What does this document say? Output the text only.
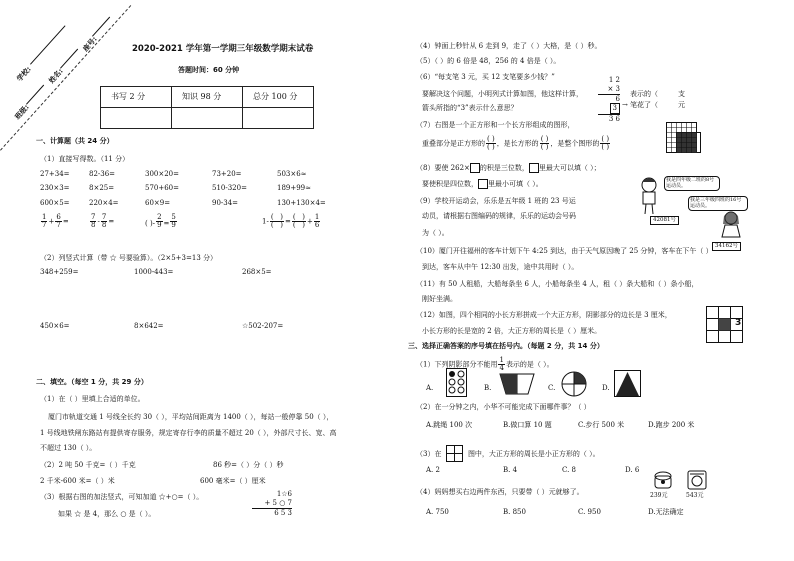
学校: 姓名:
座号:
班级:
2020-2021 学年第一学期三年级数学期末试卷
答题时间：60 分钟
书写 2 分	知识 98 分	总分 100 分

一、计算题（共 24 分）
（1）直接写得数。（11 分）
27+34=	82-36=	300×20=	73+20=	503×6≈
230×3=	8×25=	570+60=	510-320=	189+99≈
600×5=	220×4=	60×9=	90-34=	130+130×4=
$\frac{1}{7} + \frac{6}{7}$ =	$\frac{7}{8} - \frac{7}{8}$ =	( )- $\frac{2}{9} = \frac{5}{9}$	$1- \frac{( )}{( )} = \frac{( )}{( )} + \frac{1}{6}$
（2）列竖式计算（带 ☆ 号要验算）。（2×5+3=13 分）
348+259=	1000-443=	268×5=
450×6=	8×642=	☆502-207=
二、填空。（每空 1 分，共 29 分）
（1）在（ ）里填上合适的单位。
厦门市轨道交通 1 号线全长约 30（ ），平均站间距离为 1400（ ），每站一般停靠 50（ ），
1 号线地铁闸东路站有提供寄存服务，规定寄存行李的质量不超过 20（ ），外部尺寸长、宽、高
不超过 130（ ）。
（2）2 吨 50 千克=（ ）千克	86 秒=（ ）分（ ）秒
2 千米-600 米=（ ）米	600 毫米=（ ）厘米
（3）根据右图的加法竖式，可知加道 ☆+○=（ ）。
如果 ☆ 是 4，那么 ○ 是（ ）。
1☆6
+ 5 ○ 7
6 5 3
（4）钟面上秒针从 6 走到 9，走了（ ）大格，是（ ）秒。
（5）（ ）的 6 倍是 48，256 的 4 倍是（ ）。
（6）“每支笔 3 元，买 12 支笔要多少钱？”
要解决这个问题，小明列式计算如图，他这样计算，
箭头所指的“3”表示什么意思？
1 2
× 3
6
3
3 6
→
表示的（
笔花了（
支
元
（7）右图是一个正方形和一个长方形组成的图形，
重叠部分是正方形的 $\frac{( )}{( )}$ ，是长方形的 $\frac{( )}{( )}$ ，是整个图形的 $\frac{( )}{( )}$
（8）要使 262× 的积是三位数， 里最大可以填（ ）；
要使积是四位数， 里最小可填（ ）。
（9）学校开运动会，乐乐是五年级 1 班的 23 号运
动员，请根据右图编码的规律，乐乐的运动会号码
为（ ）。
我是四年级二班的8号运动员。
我是三年级四班的16号运动员。
42081号
34162号
（10）厦门开往福州的客车计划下午 4:25 到达，由于天气原因晚了 25 分钟，客车在下午（ ）
到达，客车从中午 12:30 出发，途中共用时（ ）。
（11）有 50 人租船，大船每条坐 6 人，小船每条坐 4 人，租（ ）条大船和（ ）条小船，
刚好坐满。
（12）如图，四个相同的小长方形拼成一个大正方形，阴影部分的边长是 3 厘米，
小长方形的长是宽的 2 倍，大正方形的周长是（ ）厘米。
3
三、选择正确答案的序号填在括号内。（每题 2 分，共 14 分）
（1）下列阴影部分不能用 $\frac{1}{4}$ 表示的是（ ）。
A.	B.	C.	D.
（2）在一分钟之内，小华不可能完成下面哪件事？（ ）
A.跳绳 100 次	B.做口算 10 题	C.步行 500 米	D.跑步 200 米
（3）在	图中，大正方形的周长是小正方形的（ ）。
A. 2	B. 4	C. 8	D. 6
（4）妈妈想买右边两件东西，只要带（ ）元就够了。	239元	543元
A. 750	B. 850	C. 950	D.无法确定
